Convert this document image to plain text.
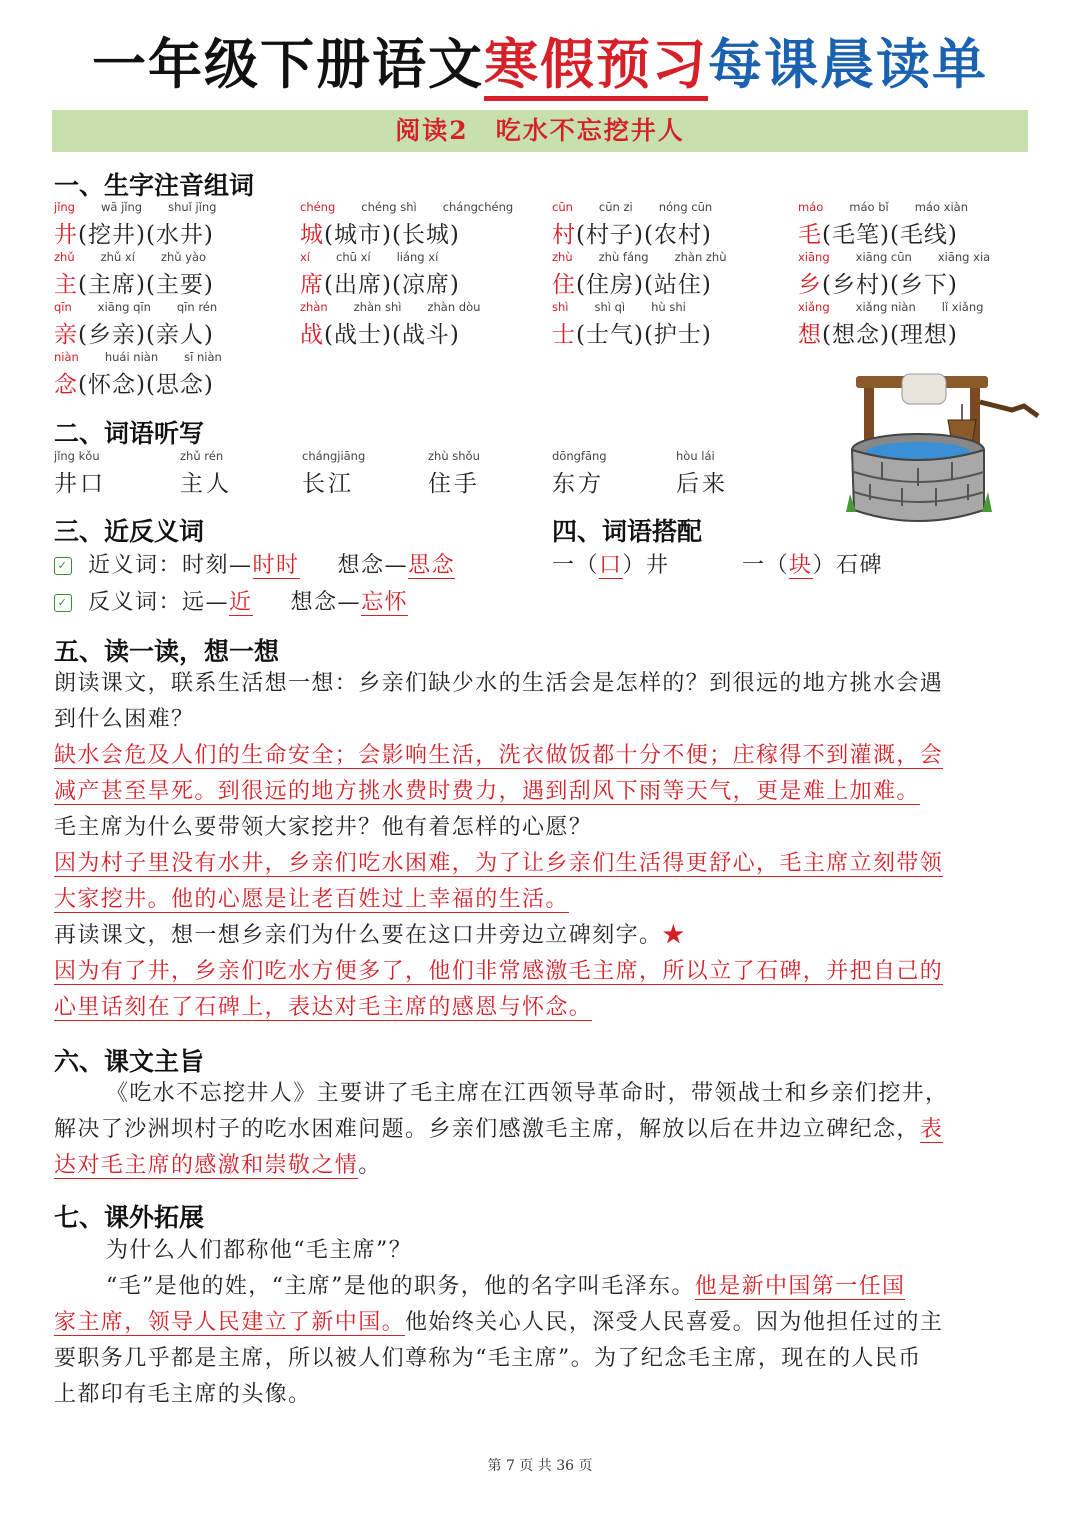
一年级下册语文寒假预习每课晨读单
阅读2　吃水不忘挖井人
一、生字注音组词
jǐng wā jǐng shuǐ jǐng
井(挖井)(水井)
chéng chéng shì chángchéng
城(城市)(长城)
cūn cūn zi nóng cūn
村(村子)(农村)
máo máo bǐ máo xiàn
毛(毛笔)(毛线)
zhǔ zhǔ xí zhǔ yào
主(主席)(主要)
xí chū xí liáng xí
席(出席)(凉席)
zhù zhù fáng zhàn zhù
住(住房)(站住)
xiāng xiāng cūn xiāng xia
乡(乡村)(乡下)
qīn xiāng qīn qīn rén
亲(乡亲)(亲人)
zhàn zhàn shì zhàn dòu
战(战士)(战斗)
shì shì qì hù shi
士(士气)(护士)
xiǎng xiǎng niàn lǐ xiǎng
想(想念)(理想)
niàn huái niàn sī niàn
念(怀念)(思念)
二、词语听写
jǐng kǒu
井口
zhǔ rén
主人
chángjiāng
长江
zhù shǒu
住手
dōngfāng
东方
hòu lái
后来
三、近反义词
✓ 近义词：时刻—时时 想念—思念
✓ 反义词：远—近 想念—忘怀
四、词语搭配
一（口）井	一（块）石碑
五、读一读，想一想
朗读课文，联系生活想一想：乡亲们缺少水的生活会是怎样的？到很远的地方挑水会遇
到什么困难？
缺水会危及人们的生命安全；会影响生活，洗衣做饭都十分不便；庄稼得不到灌溉，会
减产甚至旱死。到很远的地方挑水费时费力，遇到刮风下雨等天气，更是难上加难。
毛主席为什么要带领大家挖井？他有着怎样的心愿？
因为村子里没有水井，乡亲们吃水困难，为了让乡亲们生活得更舒心，毛主席立刻带领
大家挖井。他的心愿是让老百姓过上幸福的生活。
再读课文，想一想乡亲们为什么要在这口井旁边立碑刻字。★
因为有了井，乡亲们吃水方便多了，他们非常感激毛主席，所以立了石碑，并把自己的
心里话刻在了石碑上，表达对毛主席的感恩与怀念。
六、课文主旨
《吃水不忘挖井人》主要讲了毛主席在江西领导革命时，带领战士和乡亲们挖井，
解决了沙洲坝村子的吃水困难问题。乡亲们感激毛主席，解放以后在井边立碑纪念，表
达对毛主席的感激和崇敬之情。
七、课外拓展
为什么人们都称他“毛主席”？
“毛”是他的姓，“主席”是他的职务，他的名字叫毛泽东。他是新中国第一任国
家主席，领导人民建立了新中国。他始终关心人民，深受人民喜爱。因为他担任过的主
要职务几乎都是主席，所以被人们尊称为“毛主席”。为了纪念毛主席，现在的人民币
上都印有毛主席的头像。
第 7 页 共 36 页
